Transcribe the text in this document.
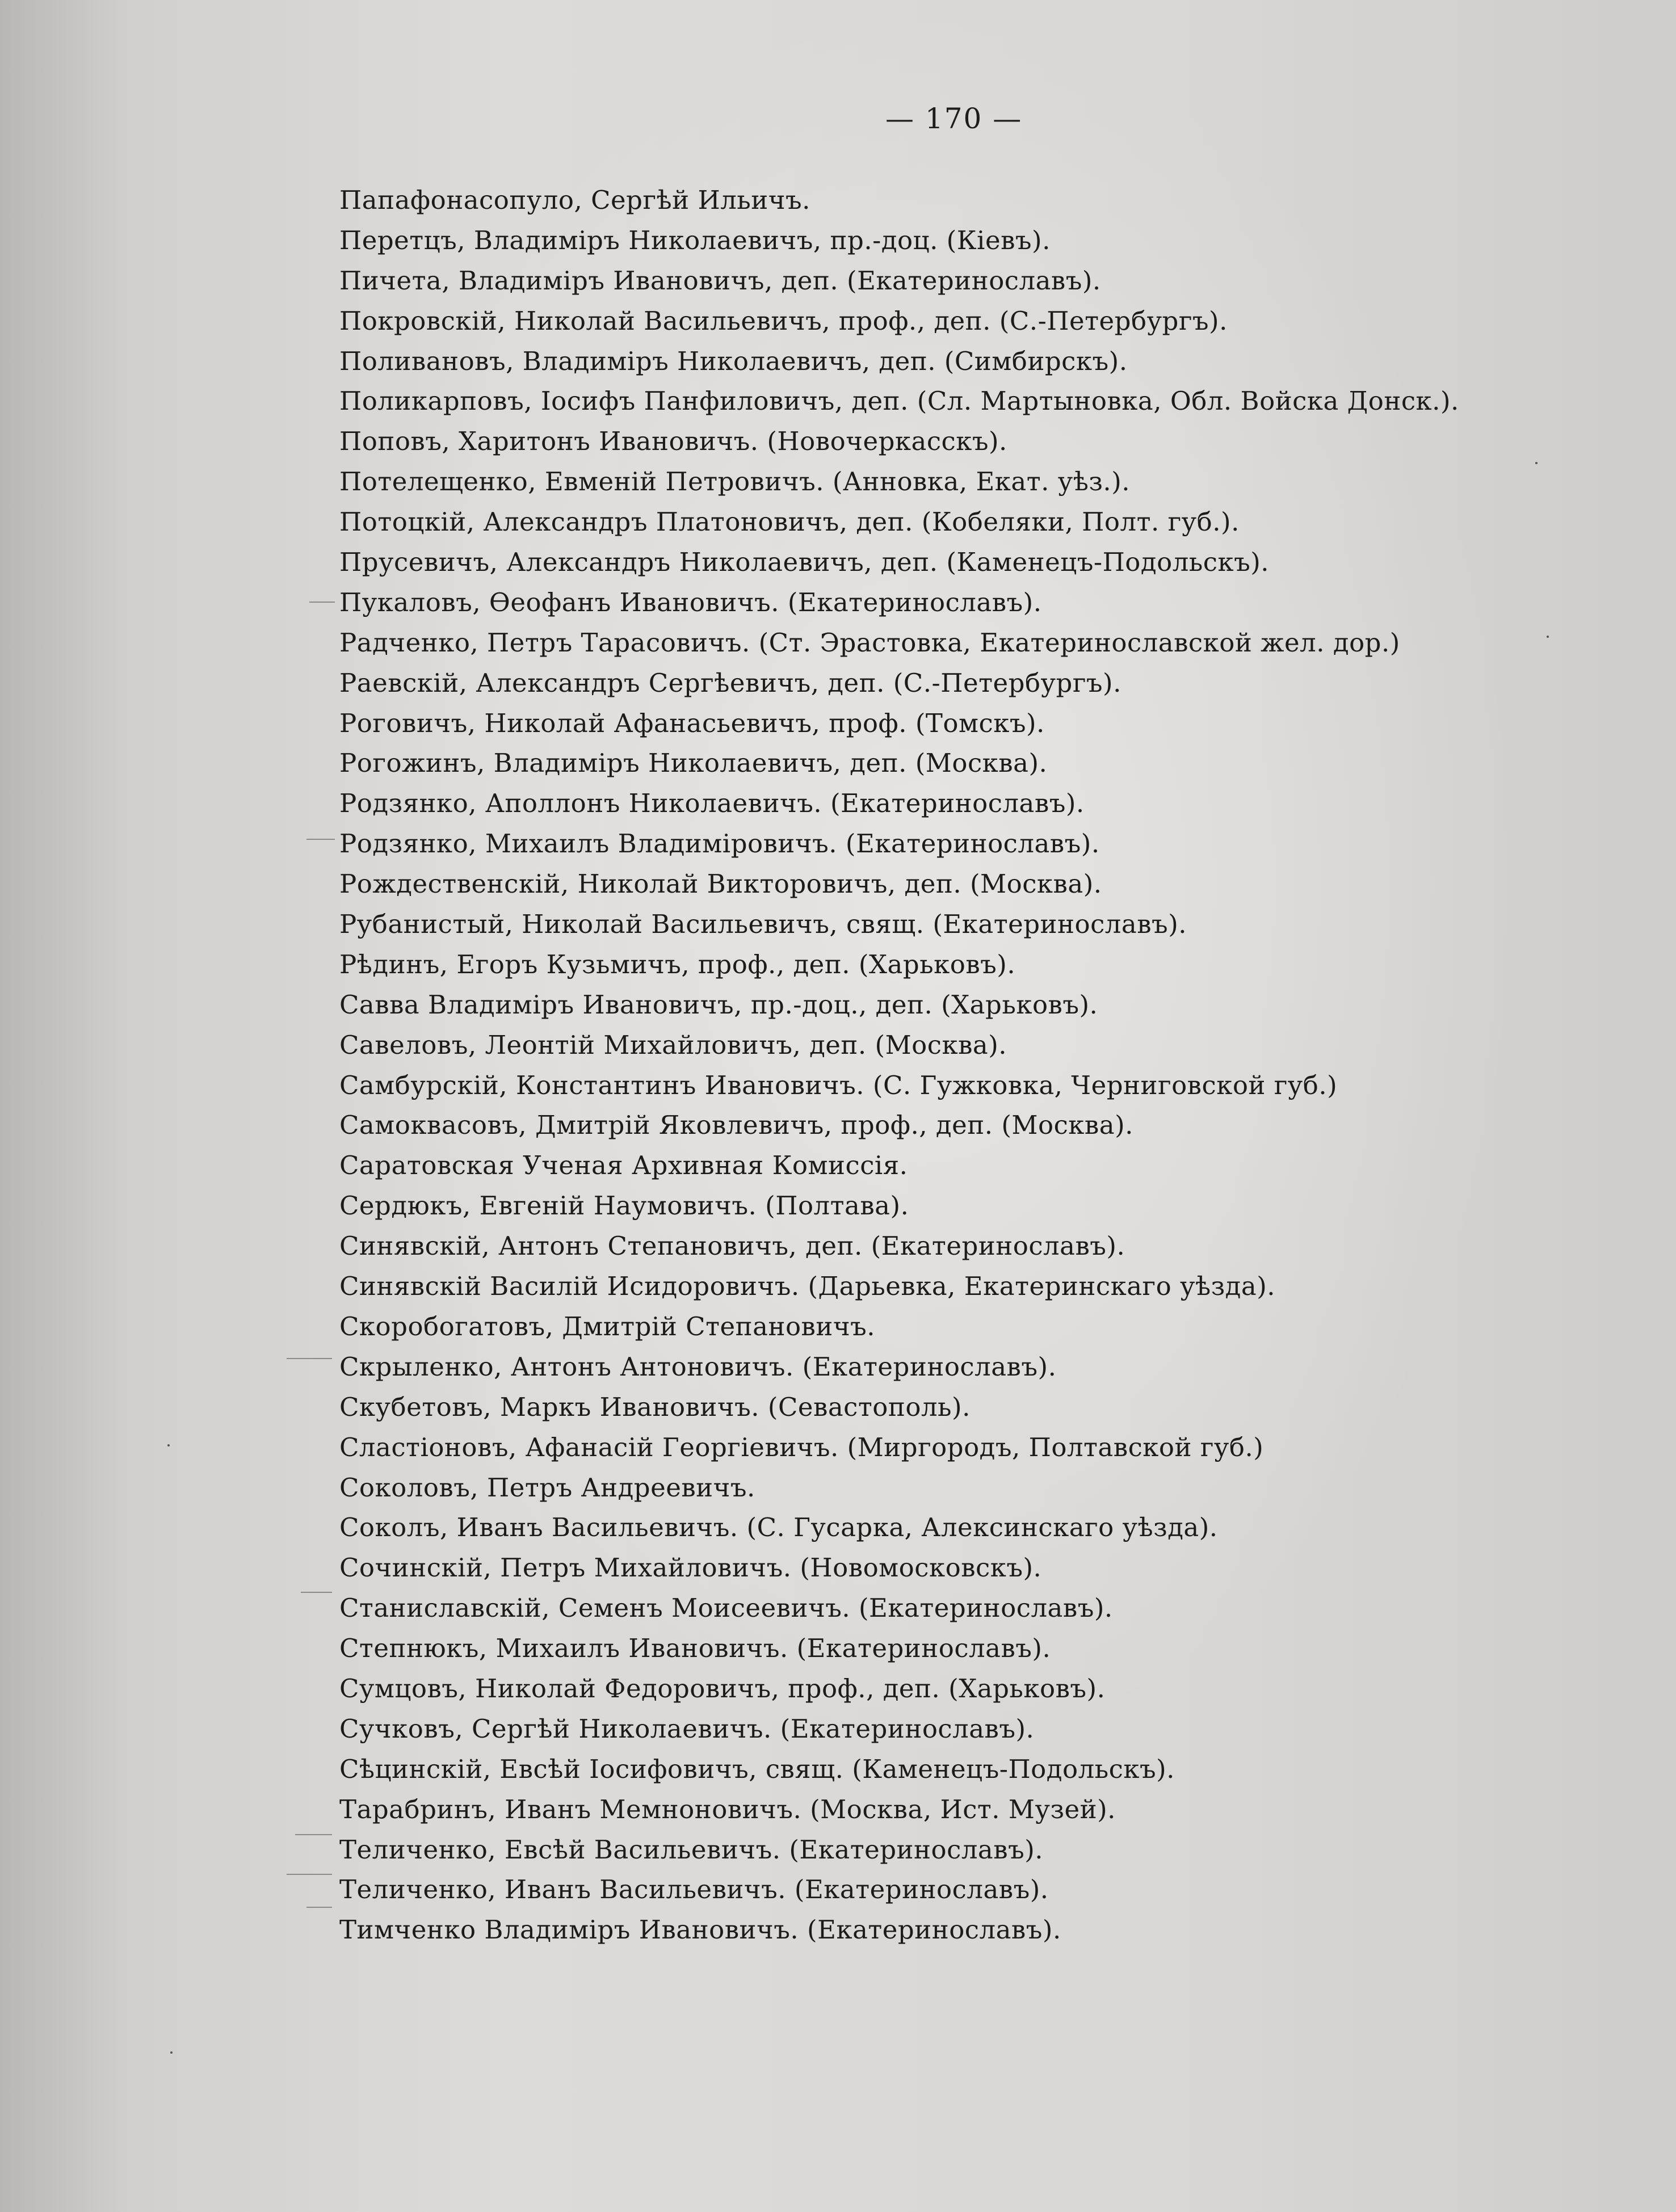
— 170 —
Папафонасопуло, Сергѣй Ильичъ.
Перетцъ, Владиміръ Николаевичъ, пр.-доц. (Кіевъ).
Пичета, Владиміръ Ивановичъ, деп. (Екатеринославъ).
Покровскій, Николай Васильевичъ, проф., деп. (С.-Петербургъ).
Поливановъ, Владиміръ Николаевичъ, деп. (Симбирскъ).
Поликарповъ, Іосифъ Панфиловичъ, деп. (Сл. Мартыновка, Обл. Войска Донск.).
Поповъ, Харитонъ Ивановичъ. (Новочеркасскъ).
Потелещенко, Евменій Петровичъ. (Анновка, Екат. уѣз.).
Потоцкій, Александръ Платоновичъ, деп. (Кобеляки, Полт. губ.).
Прусевичъ, Александръ Николаевичъ, деп. (Каменецъ-Подольскъ).
Пукаловъ, Ѳеофанъ Ивановичъ. (Екатеринославъ).
Радченко, Петръ Тарасовичъ. (Ст. Эрастовка, Екатеринославской жел. дор.)
Раевскій, Александръ Сергѣевичъ, деп. (С.-Петербургъ).
Роговичъ, Николай Афанасьевичъ, проф. (Томскъ).
Рогожинъ, Владиміръ Николаевичъ, деп. (Москва).
Родзянко, Аполлонъ Николаевичъ. (Екатеринославъ).
Родзянко, Михаилъ Владиміровичъ. (Екатеринославъ).
Рождественскій, Николай Викторовичъ, деп. (Москва).
Рубанистый, Николай Васильевичъ, свящ. (Екатеринославъ).
Рѣдинъ, Егоръ Кузьмичъ, проф., деп. (Харьковъ).
Савва Владиміръ Ивановичъ, пр.-доц., деп. (Харьковъ).
Савеловъ, Леонтій Михайловичъ, деп. (Москва).
Самбурскій, Константинъ Ивановичъ. (С. Гужковка, Черниговской губ.)
Самоквасовъ, Дмитрій Яковлевичъ, проф., деп. (Москва).
Саратовская Ученая Архивная Комиссія.
Сердюкъ, Евгеній Наумовичъ. (Полтава).
Синявскій, Антонъ Степановичъ, деп. (Екатеринославъ).
Синявскій Василій Исидоровичъ. (Дарьевка, Екатеринскаго уѣзда).
Скоробогатовъ, Дмитрій Степановичъ.
Скрыленко, Антонъ Антоновичъ. (Екатеринославъ).
Скубетовъ, Маркъ Ивановичъ. (Севастополь).
Сластіоновъ, Афанасій Георгіевичъ. (Миргородъ, Полтавской губ.)
Соколовъ, Петръ Андреевичъ.
Соколъ, Иванъ Васильевичъ. (С. Гусарка, Алексинскаго уѣзда).
Сочинскій, Петръ Михайловичъ. (Новомосковскъ).
Станиславскій, Семенъ Моисеевичъ. (Екатеринославъ).
Степнюкъ, Михаилъ Ивановичъ. (Екатеринославъ).
Сумцовъ, Николай Федоровичъ, проф., деп. (Харьковъ).
Сучковъ, Сергѣй Николаевичъ. (Екатеринославъ).
Сѣцинскій, Евсѣй Іосифовичъ, свящ. (Каменецъ-Подольскъ).
Тарабринъ, Иванъ Мемноновичъ. (Москва, Ист. Музей).
Теличенко, Евсѣй Васильевичъ. (Екатеринославъ).
Теличенко, Иванъ Васильевичъ. (Екатеринославъ).
Тимченко Владиміръ Ивановичъ. (Екатеринославъ).
